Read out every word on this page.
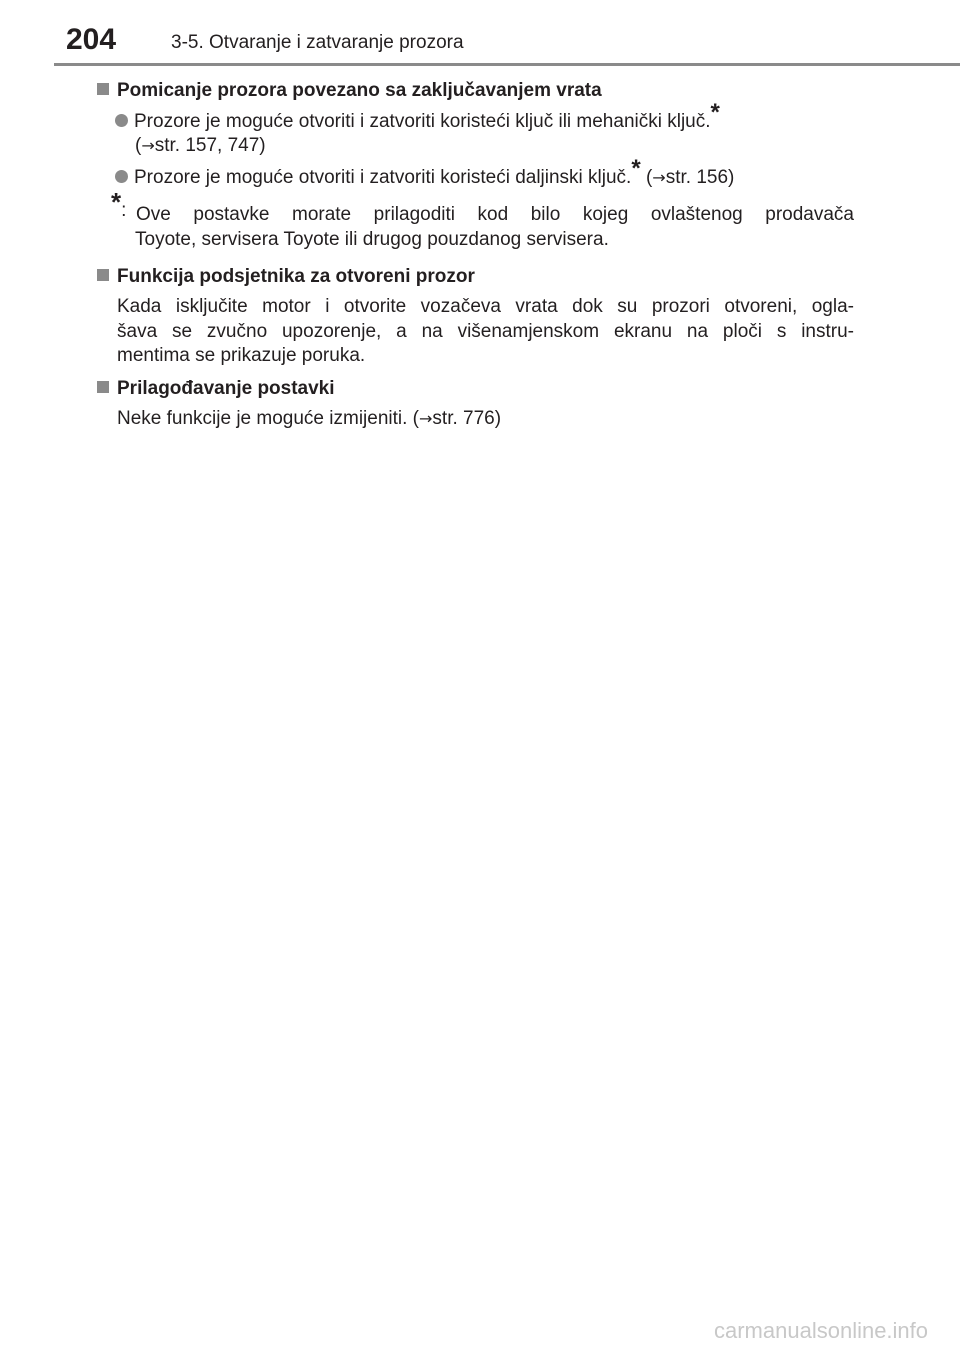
204	3-5. Otvaranje i zatvaranje prozora
Pomicanje prozora povezano sa zaključavanjem vrata
Prozore je moguće otvoriti i zatvoriti koristeći ključ ili mehanički ključ.*
(→str. 157, 747)
Prozore je moguće otvoriti i zatvoriti koristeći daljinski ključ.* (→str. 156)
*: Ove postavke morate prilagoditi kod bilo kojeg ovlaštenog prodavača
Toyote, servisera Toyote ili drugog pouzdanog servisera.
Funkcija podsjetnika za otvoreni prozor
Kada isključite motor i otvorite vozačeva vrata dok su prozori otvoreni, ogla-
šava se zvučno upozorenje, a na višenamjenskom ekranu na ploči s instru-
mentima se prikazuje poruka.
Prilagođavanje postavki
Neke funkcije je moguće izmijeniti. (→str. 776)
carmanualsonline.info
